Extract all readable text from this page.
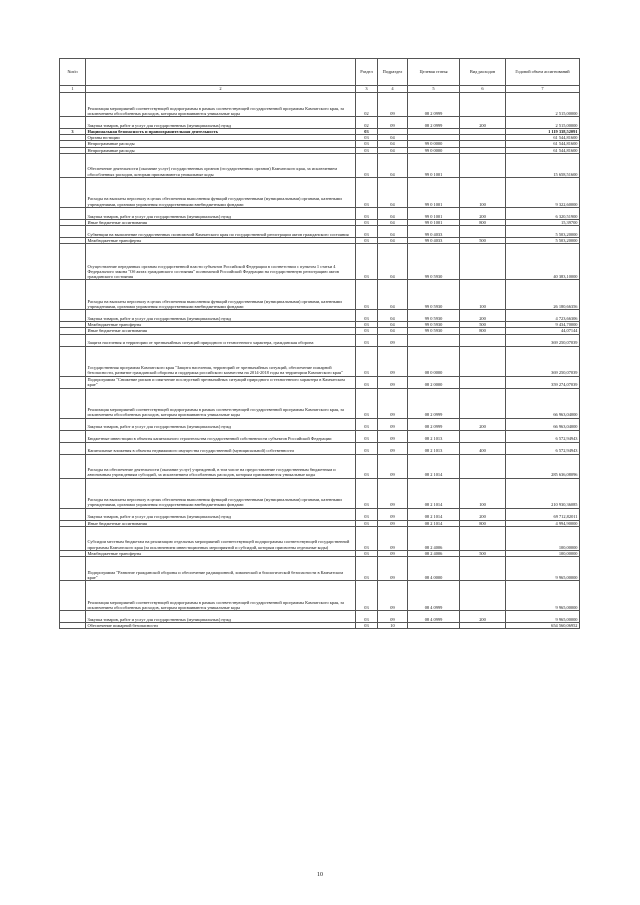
№п/п		Раздел	Подраздел	Целевая статья	Вид расходов	Годовой объем ассигнований
1	2	3	4	5	6	7
	Реализация мероприятий соответствующей подпрограммы в рамках соответствующей государственной программы Камчатского края, за исключением обособленных расходов, которым присваиваются уникальные коды	02	09	08 2 0999		2 515,00000
	Закупка товаров, работ и услуг для государственных (муниципальных) нужд	02	09	08 2 0999	200	2 515,00000
3	Национальная безопасность и правоохранительная деятельность	03				1 119 338,52091
	Органы юстиции	03	04			61 544,81600
	Непрограммные расходы	03	04	99 0 0000		61 544,81600
	Непрограммные расходы	03	04	99 0 0000		61 544,81600
	Обеспечение деятельности (оказание услуг) государственных органов (государственных органов) Камчатского края, за исключением обособленных расходов, которым присваиваются уникальные коды	03	04	99 0 1001		15 658,51600
	Расходы на выплаты персоналу в целях обеспечения выполнения функций государственными (муниципальными) органами, казенными учреждениями, органами управления государственными внебюджетными фондами	03	04	99 0 1001	100	9 322,60000
	Закупка товаров, работ и услуг для государственных (муниципальных) нужд	03	04	99 0 1001	200	6 320,51900
	Иные бюджетные ассигнования	03	04	99 0 1001	800	15,39700
	Субвенции на выполнение государственных полномочий Камчатского края по государственной регистрации актов гражданского состояния	03	04	99 0 4033		5 503,20000
	Межбюджетные трансферты	03	04	99 0 4033	500	5 503,20000
	Осуществление переданных органам государственной власти субъектов Российской Федерации в соответствии с пунктом 1 статьи 4 Федерального закона "Об актах гражданского состояния" полномочий Российской Федерации на государственную регистрацию актов гражданского состояния	03	04	99 0 5930		40 383,10000
	Расходы на выплаты персоналу в целях обеспечения выполнения функций государственными (муниципальными) органами, казенными учреждениями, органами управления государственными внебюджетными фондами	03	04	99 0 5930	100	26 180,66356
	Закупка товаров, работ и услуг для государственных (муниципальных) нужд	03	04	99 0 5930	200	4 723,66306
	Межбюджетные трансферты	03	04	99 0 5930	500	9 434,70000
	Иные бюджетные ассигнования	03	04	99 0 5930	800	44,07144
	Защита населения и территории от чрезвычайных ситуаций природного и техногенного характера, гражданская оборона	03	09			369 250,07039
	Государственная программа Камчатского края "Защита населения, территорий от чрезвычайных ситуаций, обеспечение пожарной безопасности, развитие гражданской обороны и поддержка российского казачества на 2014-2018 годы на территории Камчатского края"	03	09	08 0 0000		369 250,07039
	Подпрограмма "Снижение рисков и смягчение последствий чрезвычайных ситуаций природного и техногенного характера в Камчатском крае"	03	09	08 2 0000		359 274,07039
	Реализация мероприятий соответствующей подпрограммы в рамках соответствующей государственной программы Камчатского края, за исключением обособленных расходов, которым присваиваются уникальные коды	03	09	08 2 0999		66 963,04000
	Закупка товаров, работ и услуг для государственных (муниципальных) нужд	03	09	08 2 0999	200	66 963,04000
	Бюджетные инвестиции в объекты капитального строительства государственной собственности субъектов Российской Федерации	03	09	08 2 1013		6 572,94943
	Капитальные вложения в объекты недвижимого имущества государственной (муниципальной) собственности	03	09	08 2 1013	400	6 572,94943
	Расходы на обеспечение деятельности (оказание услуг) учреждений, в том числе на предоставление государственным бюджетным и автономным учреждениям субсидий, за исключением обособленных расходов, которым присваиваются уникальные коды	03	09	08 2 1014		285 636,08096
	Расходы на выплаты персоналу в целях обеспечения выполнения функций государственными (муниципальными) органами, казенными учреждениями, органами управления государственными внебюджетными фондами	03	09	08 2 1014	100	210 930,36085
	Закупка товаров, работ и услуг для государственных (муниципальных) нужд	03	09	08 2 1014	200	69 712,82011
	Иные бюджетные ассигнования	03	09	08 2 1014	800	4 994,90000
	Субсидии местным бюджетам на реализацию отдельных мероприятий соответствующей подпрограммы соответствующей государственной программы Камчатского края (за исключением инвестиционных мероприятий и субсидий, которым присвоены отдельные коды)	03	09	08 2 4006		100,00000
	Межбюджетные трансферты	03	09	08 2 4006	500	100,00000
	Подпрограмма "Развитие гражданской обороны и обеспечение радиационной, химической и биологической безопасности в Камчатском крае"	03	09	08 4 0000		9 965,00000
	Реализация мероприятий соответствующей подпрограммы в рамках соответствующей государственной программы Камчатского края, за исключением обособленных расходов, которым присваиваются уникальные коды	03	09	08 4 0999		9 965,00000
	Закупка товаров, работ и услуг для государственных (муниципальных) нужд	03	09	08 4 0999	200	9 965,00000
	Обеспечение пожарной безопасности	03	10			654 560,06952
10
